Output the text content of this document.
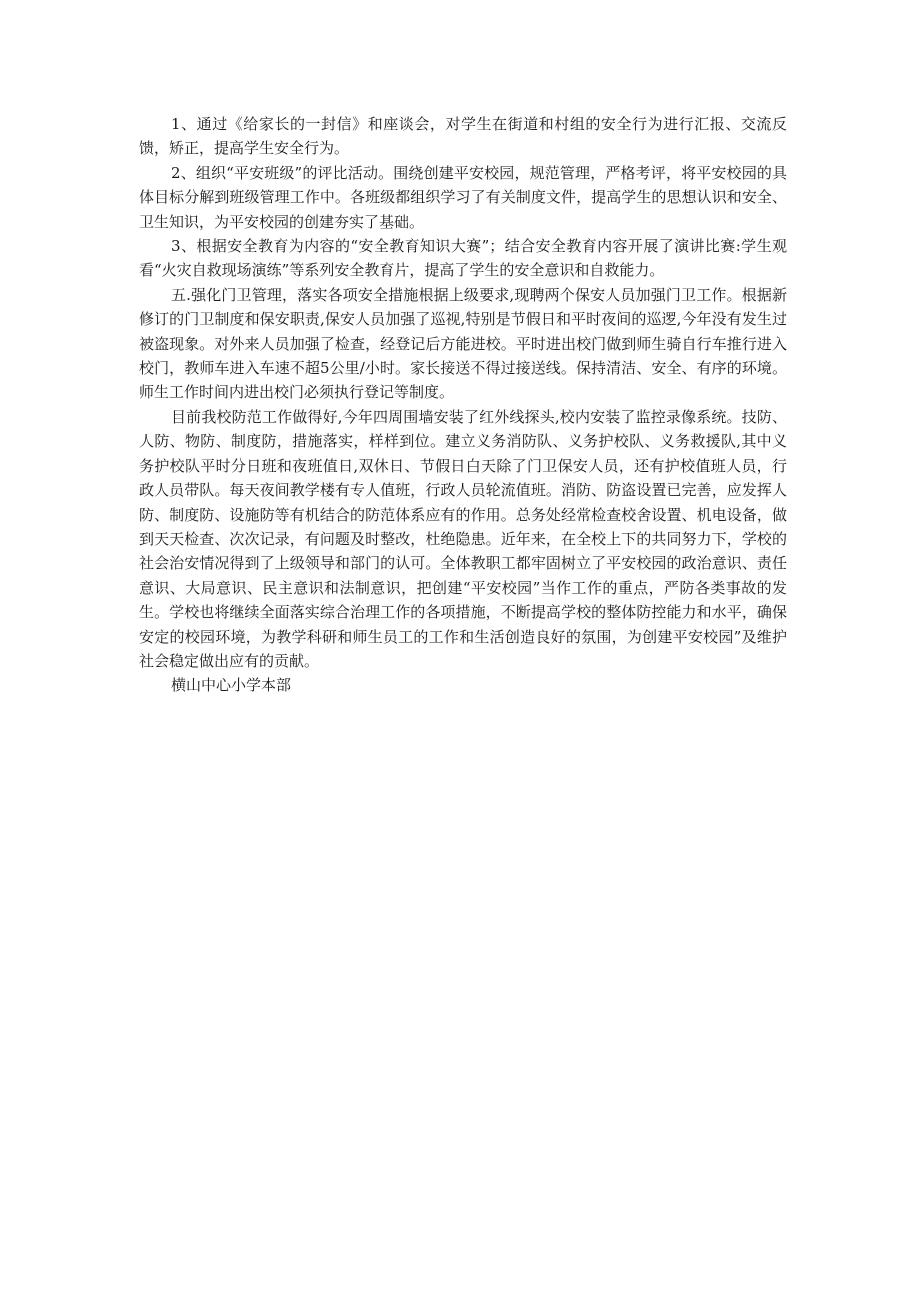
1、通过《给家长的一封信》和座谈会，对学生在街道和村组的安全行为进行汇报、交流反馈，矫正，提高学生安全行为。

2、组织“平安班级”的评比活动。围绕创建平安校园，规范管理，严格考评，将平安校园的具体目标分解到班级管理工作中。各班级都组织学习了有关制度文件，提高学生的思想认识和安全、卫生知识，为平安校园的创建夯实了基础。

3、根据安全教育为内容的“安全教育知识大赛”；结合安全教育内容开展了演讲比赛:学生观看“火灾自救现场演练”等系列安全教育片，提高了学生的安全意识和自救能力。

五.强化门卫管理，落实各项安全措施根据上级要求,现聘两个保安人员加强门卫工作。根据新修订的门卫制度和保安职责,保安人员加强了巡视,特别是节假日和平时夜间的巡逻,今年没有发生过被盗现象。对外来人员加强了检查，经登记后方能进校。平时进出校门做到师生骑自行车推行进入校门，教师车进入车速不超5公里/小时。家长接送不得过接送线。保持清洁、安全、有序的环境。师生工作时间内进出校门必须执行登记等制度。

目前我校防范工作做得好,今年四周围墙安装了红外线探头,校内安装了监控录像系统。技防、人防、物防、制度防，措施落实，样样到位。建立义务消防队、义务护校队、义务救援队,其中义务护校队平时分日班和夜班值日,双休日、节假日白天除了门卫保安人员，还有护校值班人员，行政人员带队。每天夜间教学楼有专人值班，行政人员轮流值班。消防、防盗设置已完善，应发挥人防、制度防、设施防等有机结合的防范体系应有的作用。总务处经常检查校舍设置、机电设备，做到天天检查、次次记录，有问题及时整改，杜绝隐患。近年来，在全校上下的共同努力下，学校的社会治安情况得到了上级领导和部门的认可。全体教职工都牢固树立了平安校园的政治意识、责任意识、大局意识、民主意识和法制意识，把创建“平安校园”当作工作的重点，严防各类事故的发生。学校也将继续全面落实综合治理工作的各项措施，不断提高学校的整体防控能力和水平，确保安定的校园环境，为教学科研和师生员工的工作和生活创造良好的氛围，为创建平安校园”及维护社会稳定做出应有的贡献。

横山中心小学本部
